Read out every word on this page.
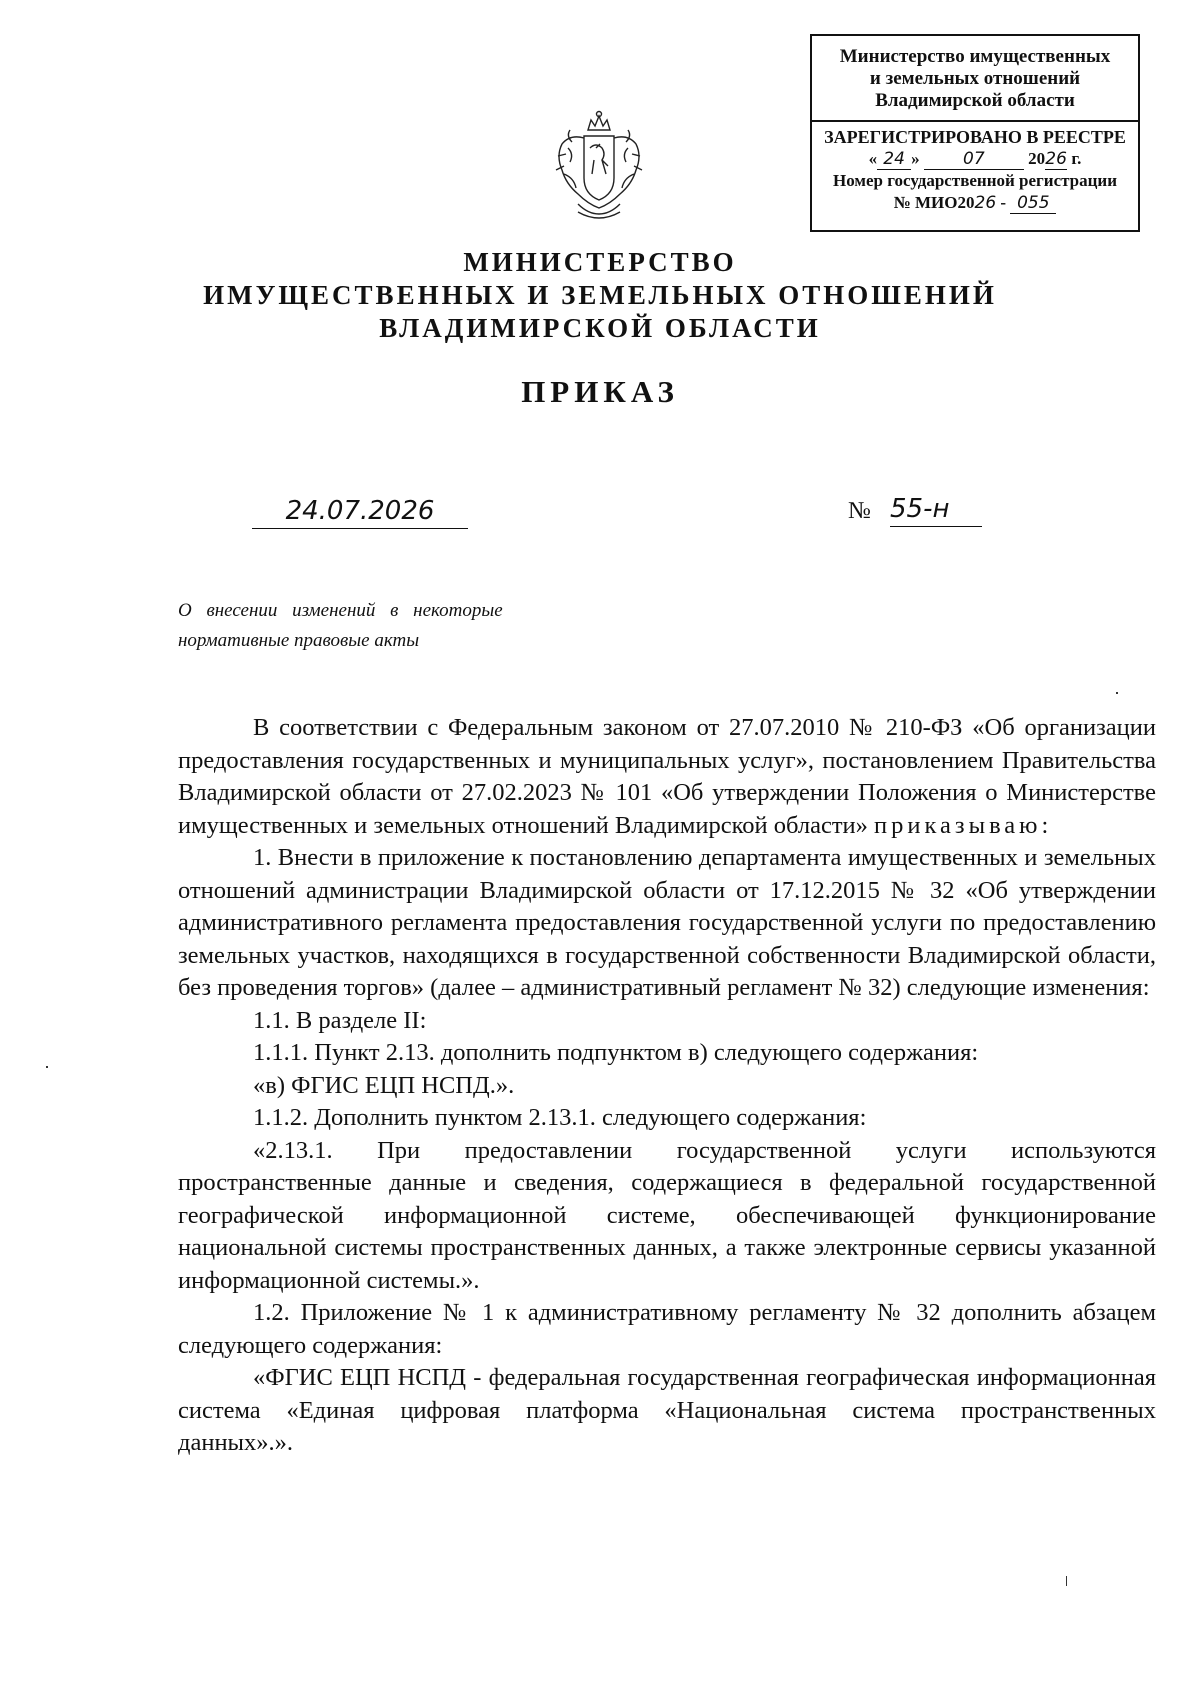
Министерство имущественных
и земельных отношений
Владимирской области
ЗАРЕГИСТРИРОВАНО В РЕЕСТРЕ
« 24 »	07	2026 г.
Номер государственной регистрации
№ МИО2026 - 055
МИНИСТЕРСТВО
ИМУЩЕСТВЕННЫХ И ЗЕМЕЛЬНЫХ ОТНОШЕНИЙ
ВЛАДИМИРСКОЙ ОБЛАСТИ
ПРИКАЗ
24.07.2026	№ 55-н
О внесении изменений в некоторые
нормативные правовые акты

В соответствии с Федеральным законом от 27.07.2010 № 210-ФЗ «Об организации предоставления государственных и муниципальных услуг», постановлением Правительства Владимирской области от 27.02.2023 № 101 «Об утверждении Положения о Министерстве имущественных и земельных отношений Владимирской области» приказываю:

1. Внести в приложение к постановлению департамента имущественных и земельных отношений администрации Владимирской области от 17.12.2015 № 32 «Об утверждении административного регламента предоставления государственной услуги по предоставлению земельных участков, находящихся в государственной собственности Владимирской области, без проведения торгов» (далее – административный регламент № 32) следующие изменения:

1.1. В разделе II:

1.1.1. Пункт 2.13. дополнить подпунктом в) следующего содержания:

«в) ФГИС ЕЦП НСПД.».

1.1.2. Дополнить пунктом 2.13.1. следующего содержания:

«2.13.1. При предоставлении государственной услуги используются пространственные данные и сведения, содержащиеся в федеральной государственной географической информационной системе, обеспечивающей функционирование национальной системы пространственных данных, а также электронные сервисы указанной информационной системы.».

1.2. Приложение № 1 к административному регламенту № 32 дополнить абзацем следующего содержания:

«ФГИС ЕЦП НСПД - федеральная государственная географическая информационная система «Единая цифровая платформа «Национальная система пространственных данных».».
